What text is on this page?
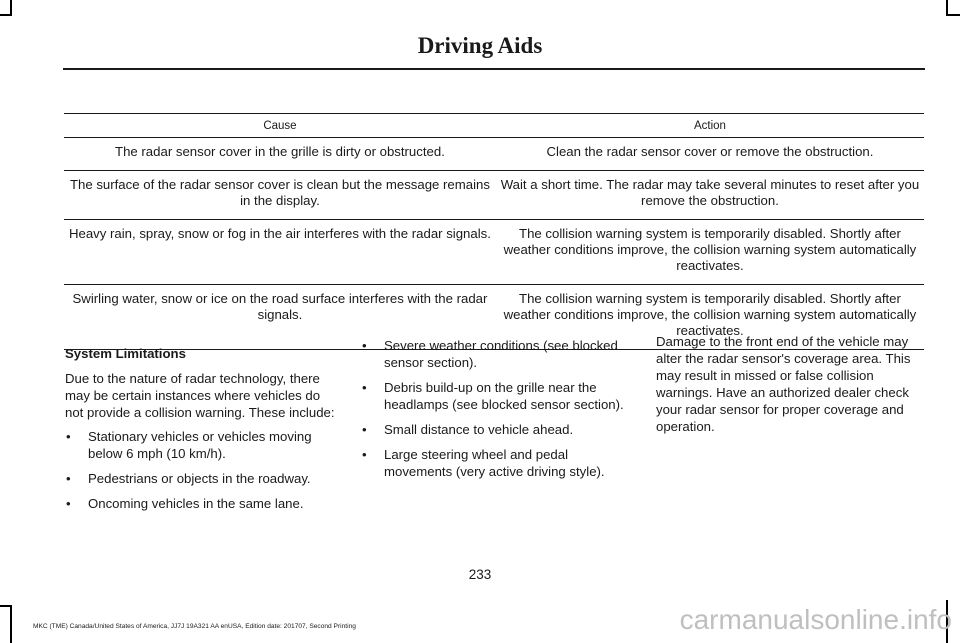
Driving Aids
Cause	Action
The radar sensor cover in the grille is dirty or obstructed.	Clean the radar sensor cover or remove the obstruction.
The surface of the radar sensor cover is clean but the message remains in the display.	Wait a short time. The radar may take several minutes to reset after you remove the obstruction.
Heavy rain, spray, snow or fog in the air interferes with the radar signals.	The collision warning system is temporarily disabled. Shortly after weather conditions improve, the collision warning system automatically reactivates.
Swirling water, snow or ice on the road surface interferes with the radar signals.	The collision warning system is temporarily disabled. Shortly after weather conditions improve, the collision warning system automatically reactivates.
System Limitations

Due to the nature of radar technology, there may be certain instances where vehicles do not provide a collision warning. These include:

• Stationary vehicles or vehicles moving below 6 mph (10 km/h).
• Pedestrians or objects in the roadway.
• Oncoming vehicles in the same lane.
• Severe weather conditions (see blocked sensor section).
• Debris build-up on the grille near the headlamps (see blocked sensor section).
• Small distance to vehicle ahead.
• Large steering wheel and pedal movements (very active driving style).

Damage to the front end of the vehicle may alter the radar sensor's coverage area. This may result in missed or false collision warnings. Have an authorized dealer check your radar sensor for proper coverage and operation.

233
MKC (TME) Canada/United States of America, JJ7J 19A321 AA enUSA, Edition date: 201707, Second Printing	carmanualsonline.info
